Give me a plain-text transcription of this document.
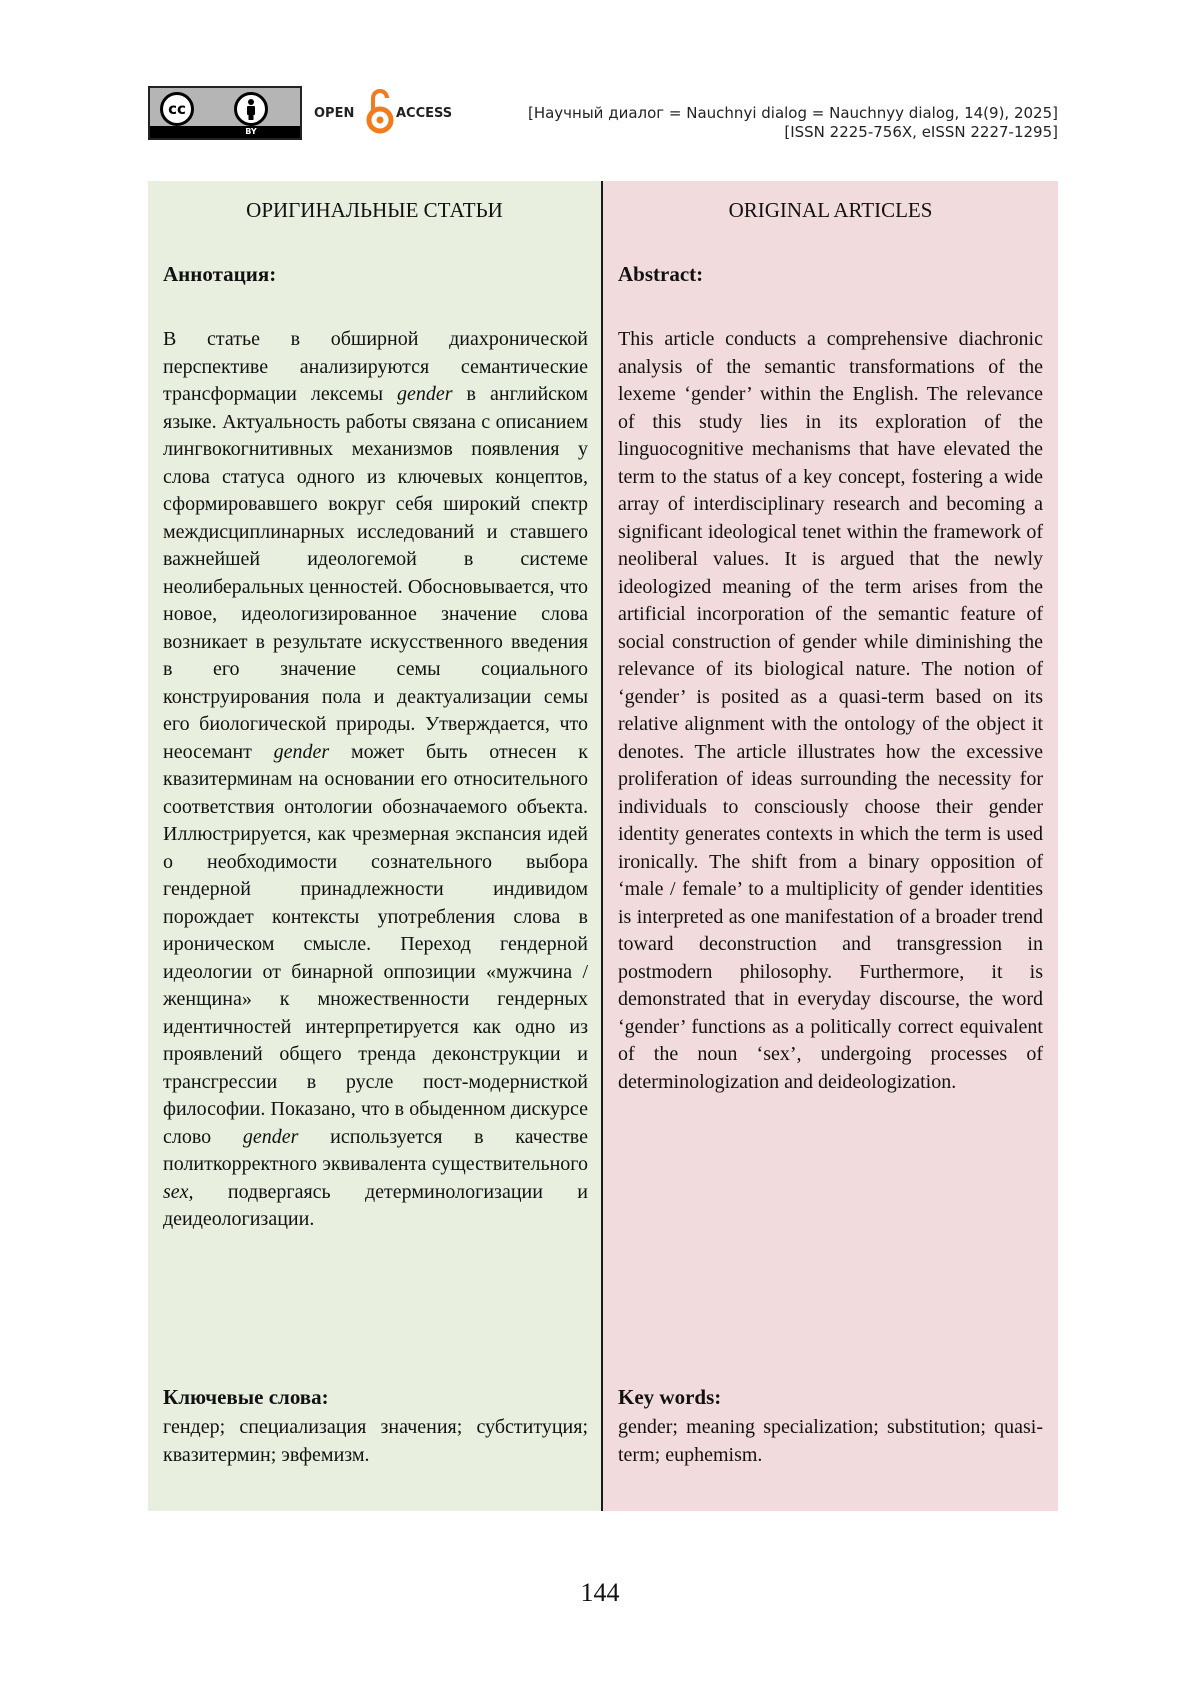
cc
BY
OPEN	ACCESS	[Научный диалог = Nauchnyi dialog = Nauchnyy dialog, 14(9), 2025]
[ISSN 2225-756X, eISSN 2227-1295]
ОРИГИНАЛЬНЫЕ СТАТЬИ
Аннотация:
В статье в обширной диахронической перспективе анализируются семантические трансформации лексемы gender в английском языке. Актуальность работы связана с описанием лингвокогнитивных механизмов появления у слова статуса одного из ключевых концептов, сформировавшего вокруг себя широкий спектр междисциплинарных исследований и ставшего важнейшей идеологемой в системе неолиберальных ценностей. Обосновывается, что новое, идеологизированное значение слова возникает в результате искусственного введения в его значение семы социального конструирования пола и деактуализации семы его биологической природы. Утверждается, что неосемант gender может быть отнесен к квазитерминам на основании его относительного соответствия онтологии обозначаемого объекта. Иллюстрируется, как чрезмерная экспансия идей о необходимости сознательного выбора гендерной принадлежности индивидом порождает контексты употребления слова в ироническом смысле. Переход гендерной идеологии от бинарной оппозиции «мужчина / женщина» к множественности гендерных идентичностей интерпретируется как одно из проявлений общего тренда деконструкции и трансгрессии в русле пост-модернисткой философии. Показано, что в обыденном дискурсе слово gender используется в качестве политкорректного эквивалента существительного sex, подвергаясь детерминологизации и деидеологизации.
Ключевые слова:
гендер; специализация значения; субституция; квазитермин; эвфемизм.
ORIGINAL ARTICLES
Abstract:
This article conducts a comprehensive diachronic analysis of the semantic transformations of the lexeme ‘gender’ within the English. The relevance of this study lies in its exploration of the linguocognitive mechanisms that have elevated the term to the status of a key concept, fostering a wide array of interdisciplinary research and becoming a significant ideological tenet within the framework of neoliberal values. It is argued that the newly ideologized meaning of the term arises from the artificial incorporation of the semantic feature of social construction of gender while diminishing the relevance of its biological nature. The notion of ‘gender’ is posited as a quasi-term based on its relative alignment with the ontology of the object it denotes. The article illustrates how the excessive proliferation of ideas surrounding the necessity for individuals to consciously choose their gender identity generates contexts in which the term is used ironically. The shift from a binary opposition of ‘male / female’ to a multiplicity of gender identities is interpreted as one manifestation of a broader trend toward deconstruction and transgression in postmodern philosophy. Furthermore, it is demonstrated that in everyday discourse, the word ‘gender’ functions as a politically correct equivalent of the noun ‘sex’, undergoing processes of determinologization and deideologization.
Key words:
gender; meaning specialization; substitution; quasi-term; euphemism.
144
